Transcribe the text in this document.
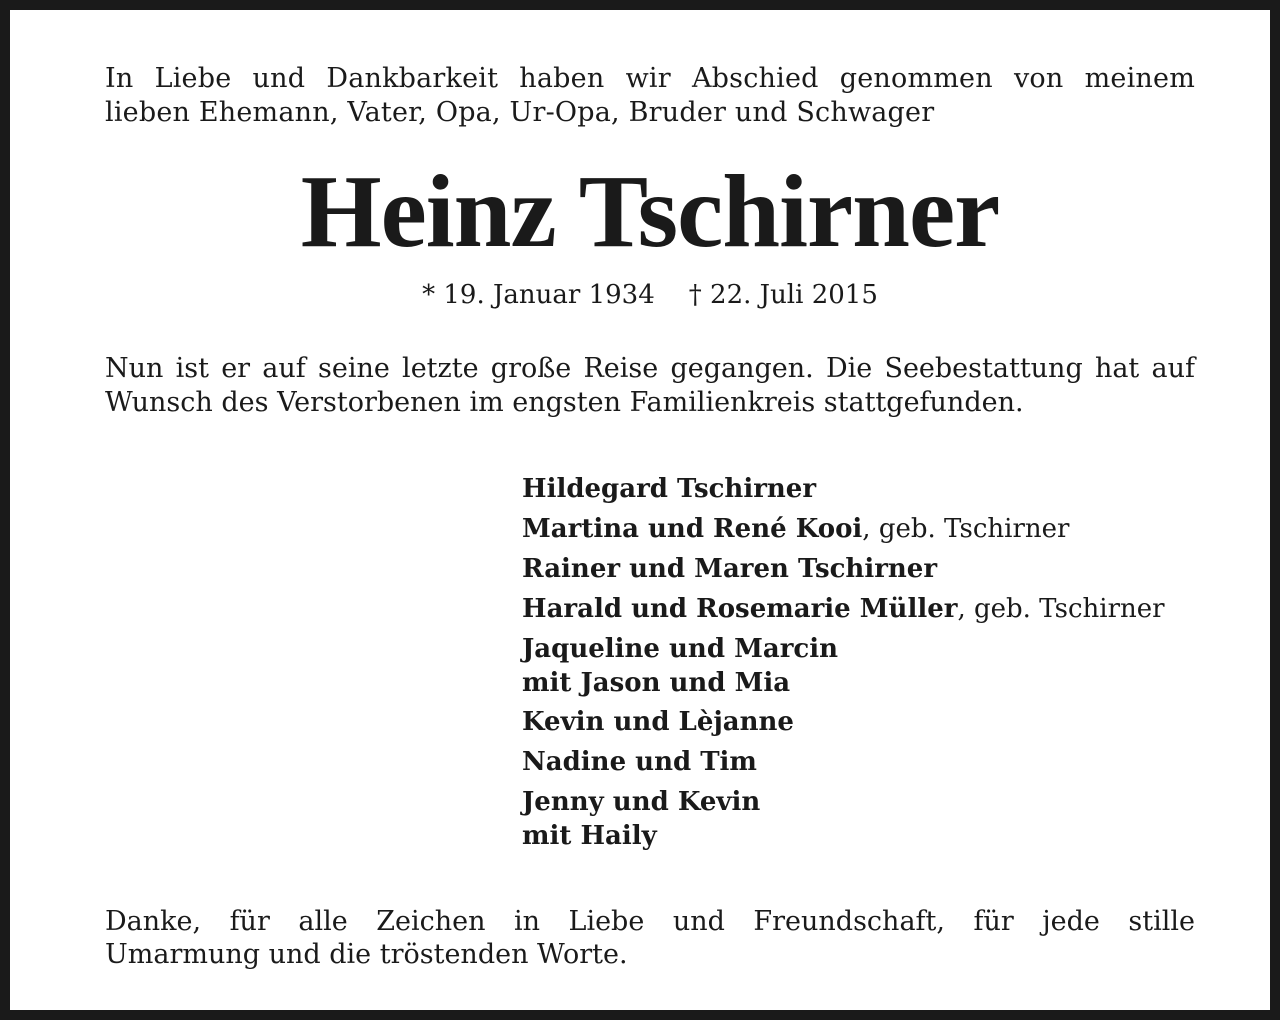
In Liebe und Dankbarkeit haben wir Abschied genommen von meinem
lieben Ehemann, Vater, Opa, Ur-Opa, Bruder und Schwager
Heinz Tschirner
* 19. Januar 1934 † 22. Juli 2015
Nun ist er auf seine letzte große Reise gegangen. Die Seebestattung hat auf
Wunsch des Verstorbenen im engsten Familienkreis stattgefunden.
Hildegard Tschirner
Martina und René Kooi, geb. Tschirner
Rainer und Maren Tschirner
Harald und Rosemarie Müller, geb. Tschirner
Jaqueline und Marcin
mit Jason und Mia
Kevin und Lèjanne
Nadine und Tim
Jenny und Kevin
mit Haily
Danke, für alle Zeichen in Liebe und Freundschaft, für jede stille
Umarmung und die tröstenden Worte.
